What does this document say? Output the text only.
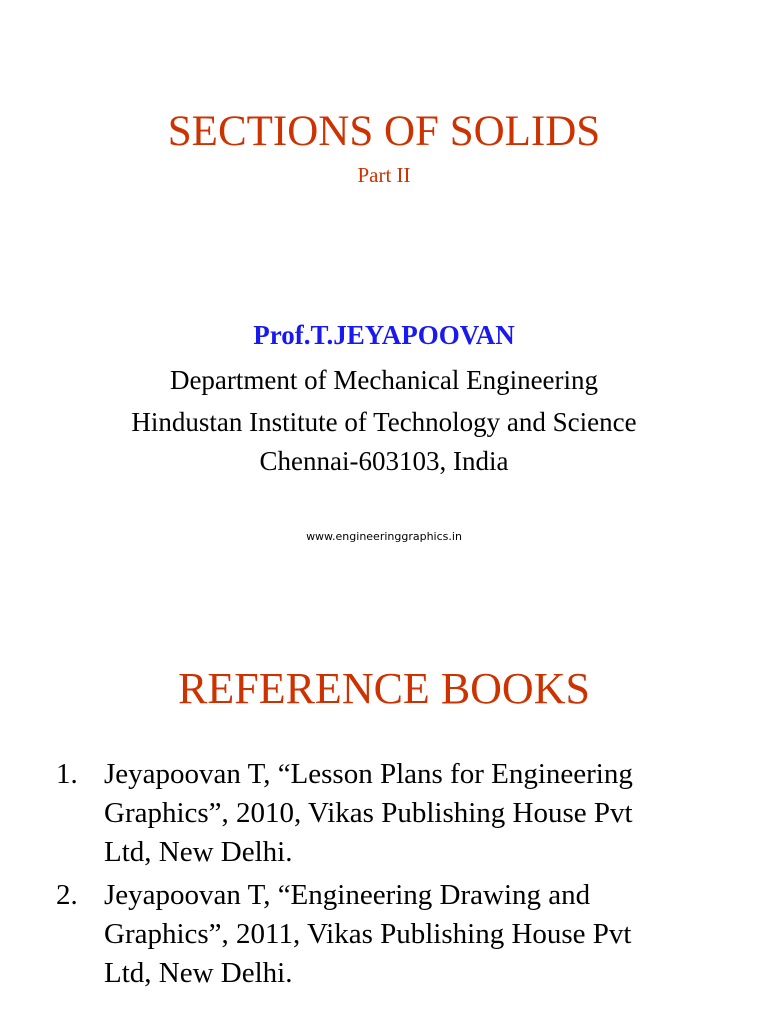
SECTIONS OF SOLIDS
Part II
Prof.T.JEYAPOOVAN
Department of Mechanical Engineering
Hindustan Institute of Technology and Science
Chennai-603103, India
www.engineeringgraphics.in
REFERENCE BOOKS
1. Jeyapoovan T, “Lesson Plans for Engineering
Graphics”, 2010, Vikas Publishing House Pvt
Ltd, New Delhi.
2. Jeyapoovan T, “Engineering Drawing and
Graphics”, 2011, Vikas Publishing House Pvt
Ltd, New Delhi.
